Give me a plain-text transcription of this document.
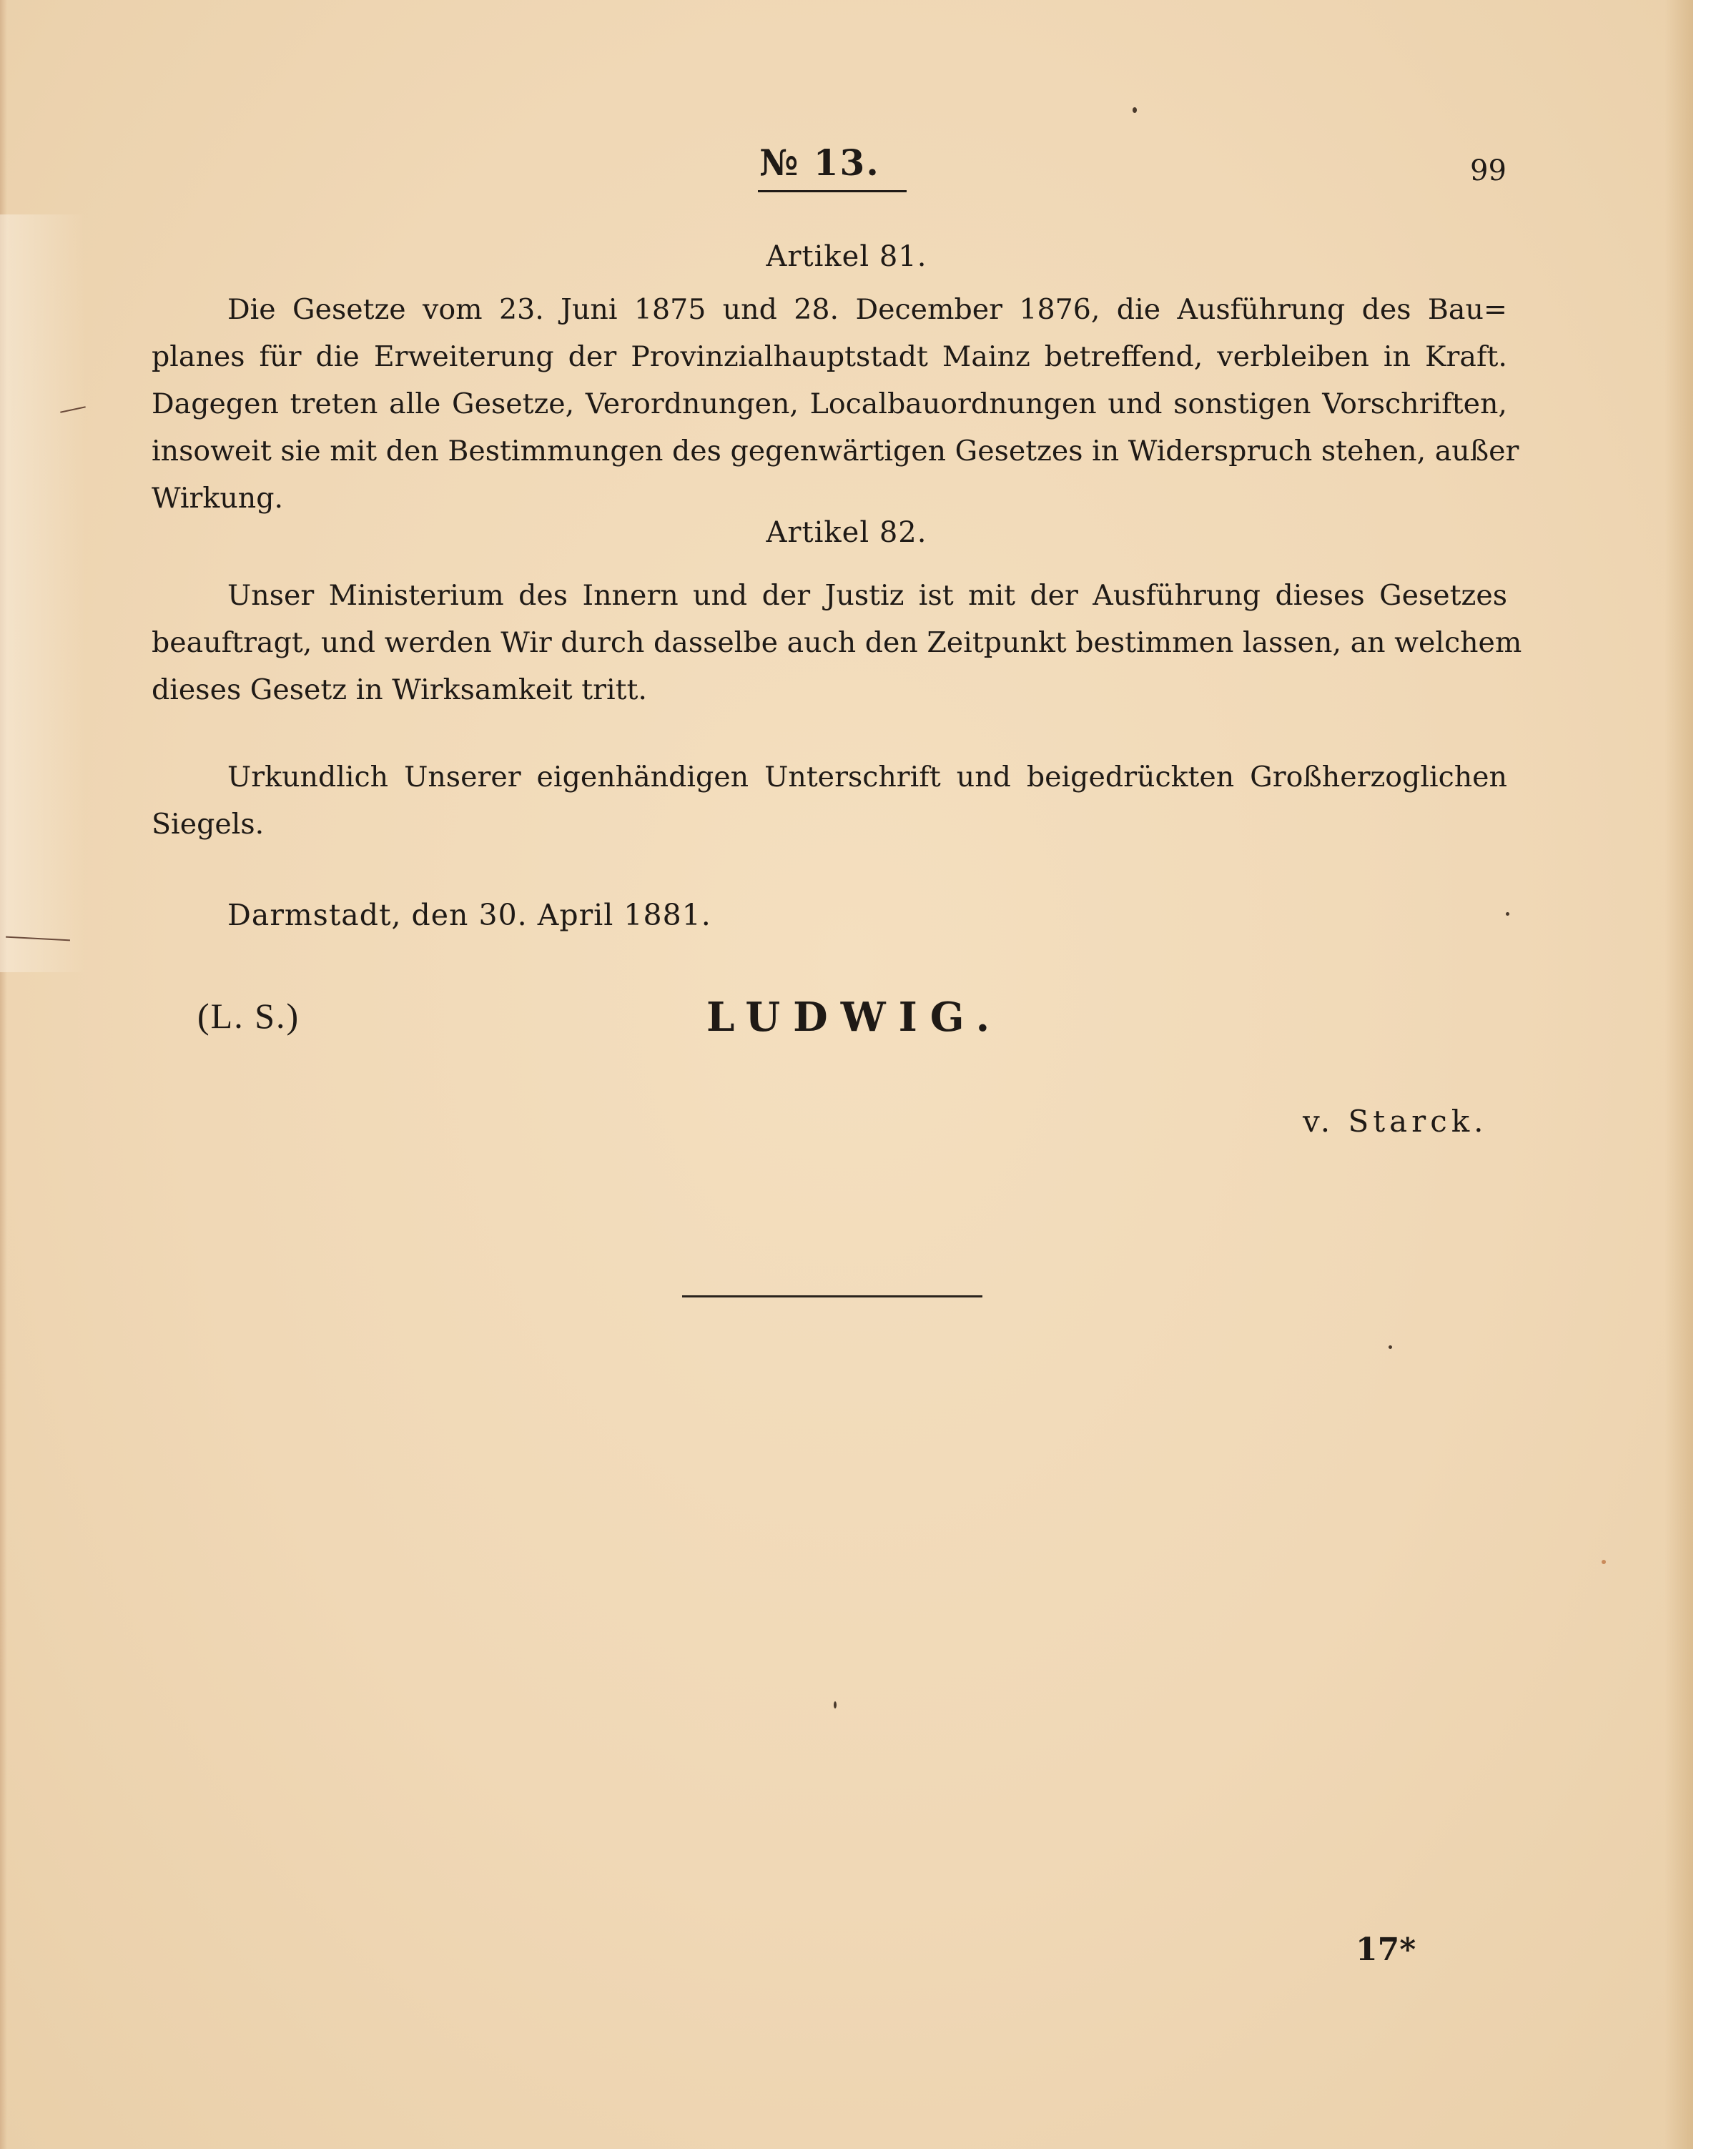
№ 13.	99
Artikel 81.
Die Gesetze vom 23. Juni 1875 und 28. December 1876, die Ausführung des Bau=
planes für die Erweiterung der Provinzialhauptstadt Mainz betreffend, verbleiben in Kraft.
Dagegen treten alle Gesetze, Verordnungen, Localbauordnungen und sonstigen Vorschriften,
insoweit sie mit den Bestimmungen des gegenwärtigen Gesetzes in Widerspruch stehen, außer
Wirkung.
Artikel 82.
Unser Ministerium des Innern und der Justiz ist mit der Ausführung dieses Gesetzes
beauftragt, und werden Wir durch dasselbe auch den Zeitpunkt bestimmen lassen, an welchem
dieses Gesetz in Wirksamkeit tritt.
Urkundlich Unserer eigenhändigen Unterschrift und beigedrückten Großherzoglichen
Siegels.
Darmstadt, den 30. April 1881.
(L. S.)	LUDWIG.
v. Starck.
17*
